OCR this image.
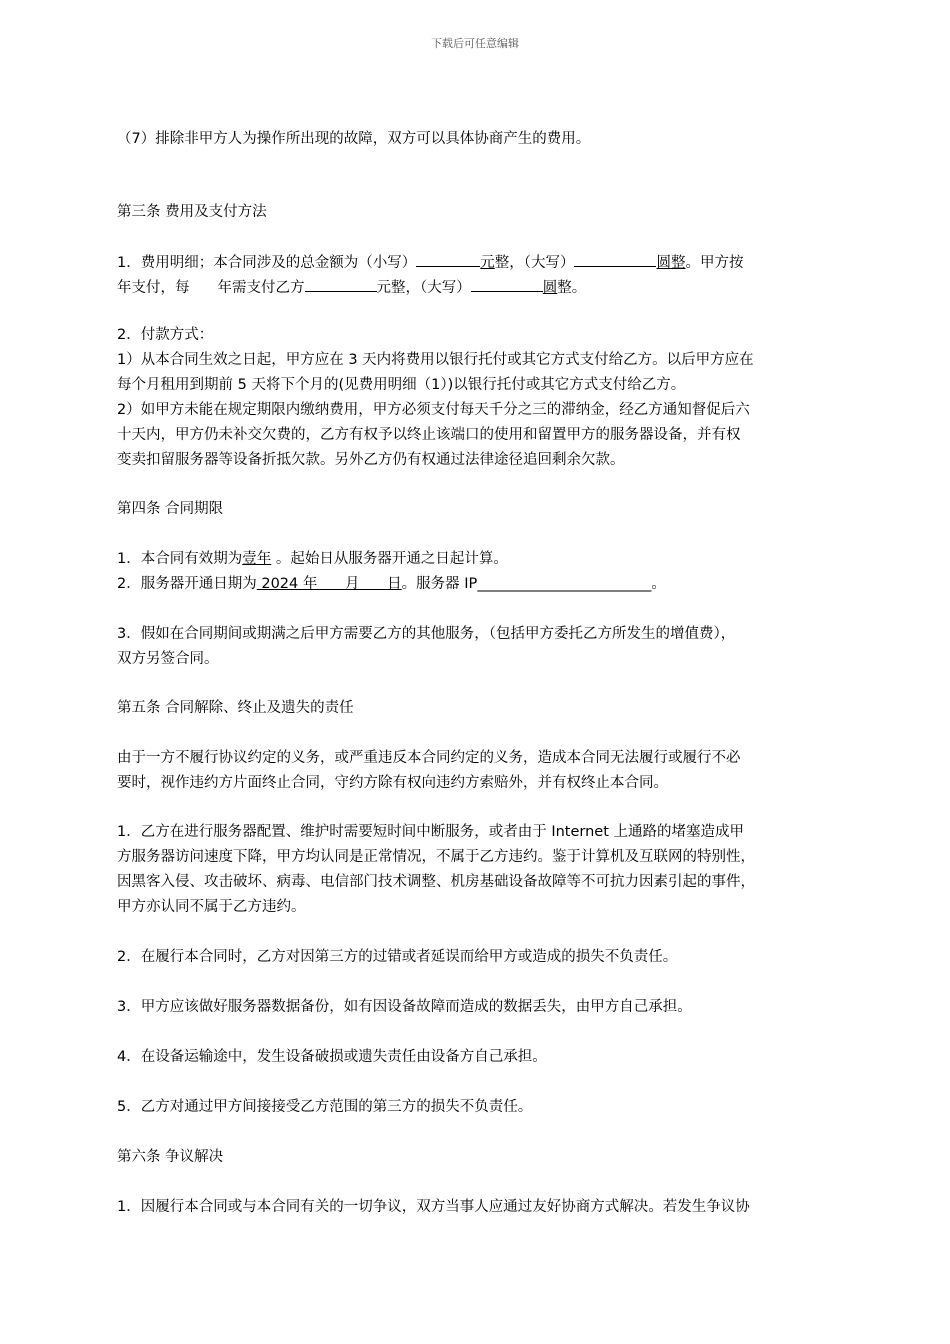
下载后可任意编辑

（7）排除非甲方人为操作所出现的故障，双方可以具体协商产生的费用。

第三条 费用及支付方法

1．费用明细；本合同涉及的总金额为（小写）	元整，（大写）	圆整。甲方按

年支付，每 年需支付乙方	元整，（大写）	圆整。

2．付款方式：

1）从本合同生效之日起，甲方应在 3 天内将费用以银行托付或其它方式支付给乙方。以后甲方应在

每个月租用到期前 5 天将下个月的(见费用明细（1）)以银行托付或其它方式支付给乙方。

2）如甲方未能在规定期限内缴纳费用，甲方必须支付每天千分之三的滞纳金，经乙方通知督促后六

十天内，甲方仍未补交欠费的，乙方有权予以终止该端口的使用和留置甲方的服务器设备，并有权

变卖扣留服务器等设备折抵欠款。另外乙方仍有权通过法律途径追回剩余欠款。

第四条 合同期限

1．本合同有效期为壹年 。起始日从服务器开通之日起计算。

2．服务器开通日期为 2024 年      月      日。服务器 IP________________________。

3．假如在合同期间或期满之后甲方需要乙方的其他服务，（包括甲方委托乙方所发生的增值费），

双方另签合同。

第五条 合同解除、终止及遗失的责任

由于一方不履行协议约定的义务，或严重违反本合同约定的义务，造成本合同无法履行或履行不必

要时，视作违约方片面终止合同，守约方除有权向违约方索赔外，并有权终止本合同。

1．乙方在进行服务器配置、维护时需要短时间中断服务，或者由于 Internet 上通路的堵塞造成甲

方服务器访问速度下降，甲方均认同是正常情况，不属于乙方违约。鉴于计算机及互联网的特别性，

因黑客入侵、攻击破坏、病毒、电信部门技术调整、机房基础设备故障等不可抗力因素引起的事件，

甲方亦认同不属于乙方违约。

2．在履行本合同时，乙方对因第三方的过错或者延误而给甲方或造成的损失不负责任。

3．甲方应该做好服务器数据备份，如有因设备故障而造成的数据丢失，由甲方自己承担。

4．在设备运输途中，发生设备破损或遗失责任由设备方自己承担。

5．乙方对通过甲方间接接受乙方范围的第三方的损失不负责任。

第六条 争议解决

1．因履行本合同或与本合同有关的一切争议，双方当事人应通过友好协商方式解决。若发生争议协
